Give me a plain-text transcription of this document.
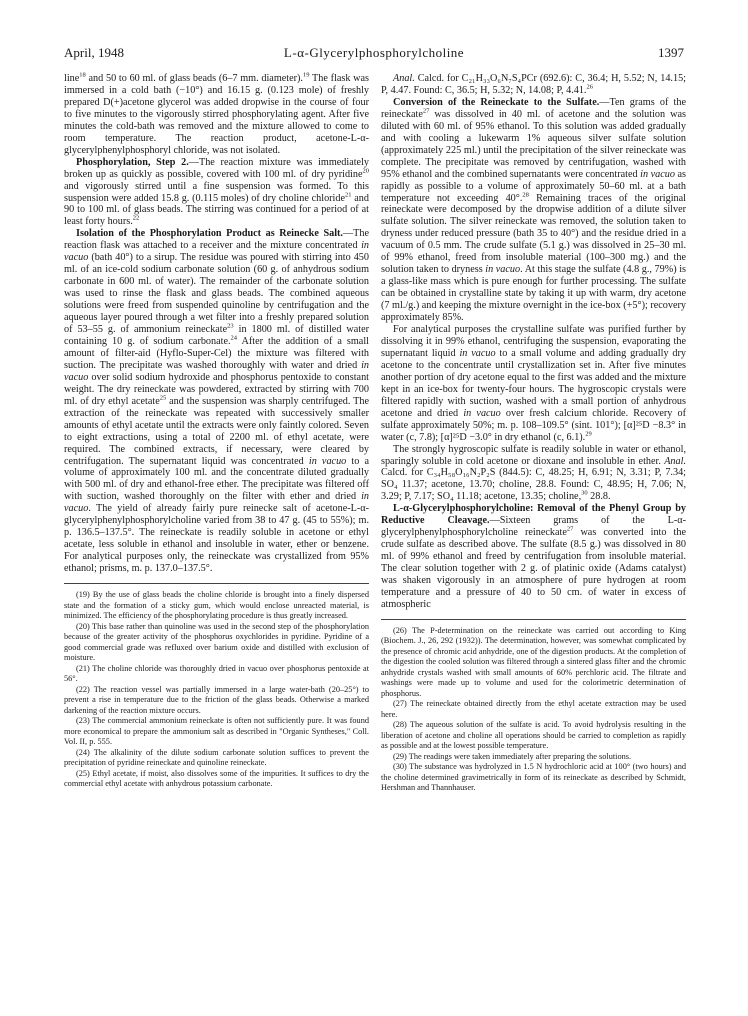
April, 1948	L-α-Glycerylphosphorylcholine	1397

line$^{18}$ and 50 to 60 ml. of glass beads (6–7 mm. diameter).$^{19}$ The flask was immersed in a cold bath (−10°) and 16.15 g. (0.123 mole) of freshly prepared D(+)acetone glycerol was added dropwise in the course of four to five minutes to the vigorously stirred phosphorylating agent. After five minutes the cold-bath was removed and the mixture allowed to come to room temperature. The reaction product, acetone-L-α-glycerylphenylphosphoryl chloride, was not isolated.

Phosphorylation, Step 2.—The reaction mixture was immediately broken up as quickly as possible, covered with 100 ml. of dry pyridine$^{20}$ and vigorously stirred until a fine suspension was formed. To this suspension were added 15.8 g. (0.115 moles) of dry choline chloride$^{21}$ and 90 to 100 ml. of glass beads. The stirring was continued for a period of at least forty hours.$^{22}$

Isolation of the Phosphorylation Product as Reinecke Salt.—The reaction flask was attached to a receiver and the mixture concentrated in vacuo (bath 40°) to a sirup. The residue was poured with stirring into 450 ml. of an ice-cold sodium carbonate solution (60 g. of anhydrous sodium carbonate in 600 ml. of water). The remainder of the carbonate solution was used to rinse the flask and glass beads. The combined aqueous solutions were freed from suspended quinoline by centrifugation and the aqueous layer poured through a wet filter into a freshly prepared solution of 53–55 g. of ammonium reineckate$^{23}$ in 1800 ml. of distilled water containing 10 g. of sodium carbonate.$^{24}$ After the addition of a small amount of filter-aid (Hyflo-Super-Cel) the mixture was filtered with suction. The precipitate was washed thoroughly with water and dried in vacuo over solid sodium hydroxide and phosphorus pentoxide to constant weight. The dry reineckate was powdered, extracted by stirring with 700 ml. of dry ethyl acetate$^{25}$ and the suspension was sharply centrifuged. The extraction of the reineckate was repeated with successively smaller amounts of ethyl acetate until the extracts were only faintly colored. Seven to eight extractions, using a total of 2200 ml. of ethyl acetate, were required. The combined extracts, if necessary, were cleared by centrifugation. The supernatant liquid was concentrated in vacuo to a volume of approximately 100 ml. and the concentrate diluted gradually with 500 ml. of dry and ethanol-free ether. The precipitate was filtered off with suction, washed thoroughly on the filter with ether and dried in vacuo. The yield of already fairly pure reinecke salt of acetone-L-α-glycerylphenylphosphorylcholine varied from 38 to 47 g. (45 to 55%); m. p. 136.5–137.5°. The reineckate is readily soluble in acetone or ethyl acetate, less soluble in ethanol and insoluble in water, ether or benzene. For analytical purposes only, the reineckate was crystallized from 95% ethanol; prisms, m. p. 137.0–137.5°.

(19) By the use of glass beads the choline chloride is brought into a finely dispersed state and the formation of a sticky gum, which would enclose unreacted material, is minimized. The efficiency of the phosphorylating procedure is thus greatly increased.

(20) This base rather than quinoline was used in the second step of the phosphorylation because of the greater activity of the phosphorus oxychlorides in pyridine. Pyridine of a good commercial grade was refluxed over barium oxide and distilled with exclusion of moisture.

(21) The choline chloride was thoroughly dried in vacuo over phosphorus pentoxide at 56°.

(22) The reaction vessel was partially immersed in a large water-bath (20–25°) to prevent a rise in temperature due to the friction of the glass beads. Otherwise a marked darkening of the reaction mixture occurs.

(23) The commercial ammonium reineckate is often not sufficiently pure. It was found more economical to prepare the ammonium salt as described in "Organic Syntheses," Coll. Vol. II, p. 555.

(24) The alkalinity of the dilute sodium carbonate solution suffices to prevent the precipitation of pyridine reineckate and quinoline reineckate.

(25) Ethyl acetate, if moist, also dissolves some of the impurities. It suffices to dry the commercial ethyl acetate with anhydrous potassium carbonate.

Anal. Calcd. for C₂₁H₃₃O₆N₇S₄PCr (692.6): C, 36.4; H, 5.52; N, 14.15; P, 4.47. Found: C, 36.5; H, 5.32; N, 14.08; P, 4.41.26

Conversion of the Reineckate to the Sulfate.—Ten grams of the reineckate$^{27}$ was dissolved in 40 ml. of acetone and the solution was diluted with 60 ml. of 95% ethanol. To this solution was added gradually and with cooling a lukewarm 1% aqueous silver sulfate solution (approximately 225 ml.) until the precipitation of the silver reineckate was complete. The precipitate was removed by centrifugation, washed with 95% ethanol and the combined supernatants were concentrated in vacuo as rapidly as possible to a volume of approximately 50–60 ml. at a bath temperature not exceeding 40°.$^{28}$ Remaining traces of the original reineckate were decomposed by the dropwise addition of a dilute silver sulfate solution. The silver reineckate was removed, the solution taken to dryness under reduced pressure (bath 35 to 40°) and the residue dried in a vacuum of 0.5 mm. The crude sulfate (5.1 g.) was dissolved in 25–30 ml. of 99% ethanol, freed from insoluble material (100–300 mg.) and the solution taken to dryness in vacuo. At this stage the sulfate (4.8 g., 79%) is a glass-like mass which is pure enough for further processing. The sulfate can be obtained in crystalline state by taking it up with warm, dry acetone (7 ml./g.) and keeping the mixture overnight in the ice-box (+5°); recovery approximately 85%.

For analytical purposes the crystalline sulfate was purified further by dissolving it in 99% ethanol, centrifuging the suspension, evaporating the supernatant liquid in vacuo to a small volume and adding gradually dry acetone to the concentrate until crystallization set in. After five minutes another portion of dry acetone equal to the first was added and the mixture kept in an ice-box for twenty-four hours. The hygroscopic crystals were filtered rapidly with suction, washed with a small portion of anhydrous acetone and dried in vacuo over fresh calcium chloride. Recovery of sulfate approximately 50%; m. p. 108–109.5° (sint. 101°); [α]²⁵D −8.3° in water (c, 7.8); [α]²⁵D −3.0° in dry ethanol (c, 6.1).$^{29}$

The strongly hygroscopic sulfate is readily soluble in water or ethanol, sparingly soluble in cold acetone or dioxane and insoluble in ether. Anal. Calcd. for C₃₄H₅₈O₁₆N₂P₂S (844.5): C, 48.25; H, 6.91; N, 3.31; P, 7.34; SO₄ 11.37; acetone, 13.70; choline, 28.8. Found: C, 48.95; H, 7.06; N, 3.29; P, 7.17; SO₄ 11.18; acetone, 13.35; choline,$^{30}$ 28.8.

L-α-Glycerylphosphorylcholine: Removal of the Phenyl Group by Reductive Cleavage.—Sixteen grams of the L-α-glycerylphenylphosphorylcholine reineckate$^{27}$ was converted into the crude sulfate as described above. The sulfate (8.5 g.) was dissolved in 80 ml. of 99% ethanol and freed by centrifugation from insoluble material. The clear solution together with 2 g. of platinic oxide (Adams catalyst) was shaken vigorously in an atmosphere of pure hydrogen at room temperature and a pressure of 40 to 50 cm. of water in excess of atmospheric

(26) The P-determination on the reineckate was carried out according to King (Biochem. J., 26, 292 (1932)). The determination, however, was somewhat complicated by the presence of chromic acid anhydride, one of the digestion products. At the completion of the digestion the cooled solution was filtered through a sintered glass filter and the chromic anhydride crystals washed with small amounts of 60% perchloric acid. The filtrate and washings were made up to volume and used for the colorimetric determination of phosphorus.

(27) The reineckate obtained directly from the ethyl acetate extraction may be used here.

(28) The aqueous solution of the sulfate is acid. To avoid hydrolysis resulting in the liberation of acetone and choline all operations should be carried to completion as rapidly as possible and at the lowest possible temperature.

(29) The readings were taken immediately after preparing the solutions.

(30) The substance was hydrolyzed in 1.5 N hydrochloric acid at 100° (two hours) and the choline determined gravimetrically in form of its reineckate as described by Schmidt, Hershman and Thannhauser.
